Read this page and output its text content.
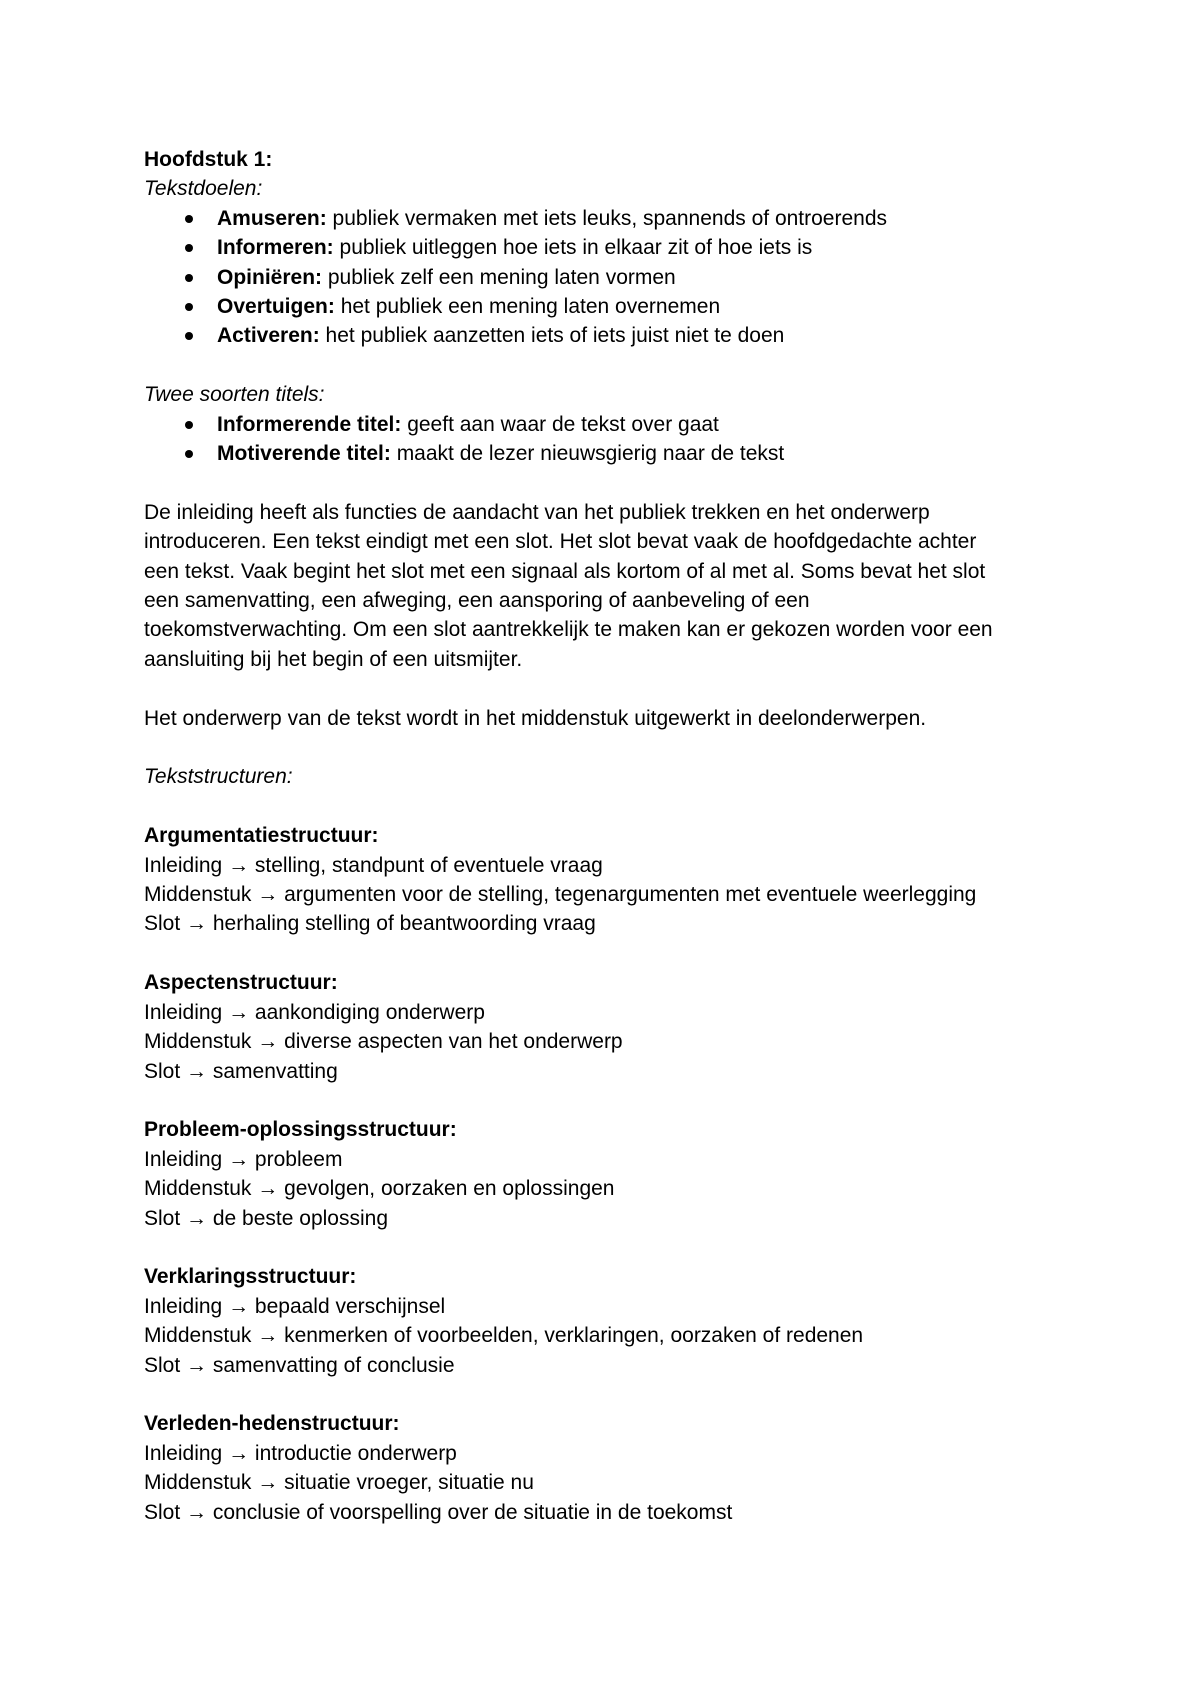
Hoofdstuk 1:
Tekstdoelen:
Amuseren: publiek vermaken met iets leuks, spannends of ontroerends
Informeren: publiek uitleggen hoe iets in elkaar zit of hoe iets is
Opiniëren: publiek zelf een mening laten vormen
Overtuigen: het publiek een mening laten overnemen
Activeren: het publiek aanzetten iets of iets juist niet te doen
Twee soorten titels:
Informerende titel: geeft aan waar de tekst over gaat
Motiverende titel: maakt de lezer nieuwsgierig naar de tekst
De inleiding heeft als functies de aandacht van het publiek trekken en het onderwerp
introduceren. Een tekst eindigt met een slot. Het slot bevat vaak de hoofdgedachte achter
een tekst. Vaak begint het slot met een signaal als kortom of al met al. Soms bevat het slot
een samenvatting, een afweging, een aansporing of aanbeveling of een
toekomstverwachting. Om een slot aantrekkelijk te maken kan er gekozen worden voor een
aansluiting bij het begin of een uitsmijter.
Het onderwerp van de tekst wordt in het middenstuk uitgewerkt in deelonderwerpen.
Tekststructuren:
Argumentatiestructuur:
Inleiding → stelling, standpunt of eventuele vraag
Middenstuk → argumenten voor de stelling, tegenargumenten met eventuele weerlegging
Slot → herhaling stelling of beantwoording vraag
Aspectenstructuur:
Inleiding → aankondiging onderwerp
Middenstuk → diverse aspecten van het onderwerp
Slot → samenvatting
Probleem-oplossingsstructuur:
Inleiding → probleem
Middenstuk → gevolgen, oorzaken en oplossingen
Slot → de beste oplossing
Verklaringsstructuur:
Inleiding → bepaald verschijnsel
Middenstuk → kenmerken of voorbeelden, verklaringen, oorzaken of redenen
Slot → samenvatting of conclusie
Verleden-hedenstructuur:
Inleiding → introductie onderwerp
Middenstuk → situatie vroeger, situatie nu
Slot → conclusie of voorspelling over de situatie in de toekomst
